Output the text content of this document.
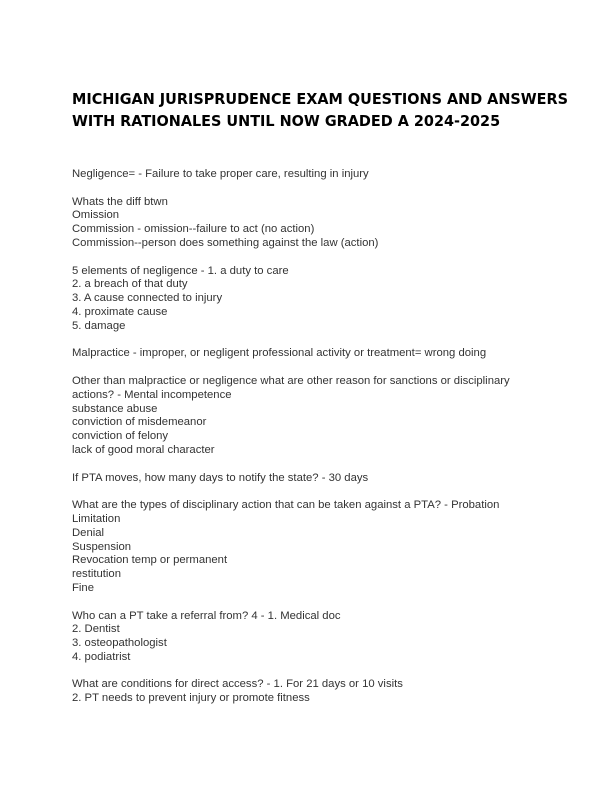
MICHIGAN JURISPRUDENCE EXAM QUESTIONS AND ANSWERS
WITH RATIONALES UNTIL NOW GRADED A 2024-2025
Negligence= - Failure to take proper care, resulting in injury
Whats the diff btwn
Omission
Commission - omission--failure to act (no action)
Commission--person does something against the law (action)
5 elements of negligence - 1. a duty to care
2. a breach of that duty
3. A cause connected to injury
4. proximate cause
5. damage
Malpractice - improper, or negligent professional activity or treatment= wrong doing
Other than malpractice or negligence what are other reason for sanctions or disciplinary
actions? - Mental incompetence
substance abuse
conviction of misdemeanor
conviction of felony
lack of good moral character
If PTA moves, how many days to notify the state? - 30 days
What are the types of disciplinary action that can be taken against a PTA? - Probation
Limitation
Denial
Suspension
Revocation temp or permanent
restitution
Fine
Who can a PT take a referral from? 4 - 1. Medical doc
2. Dentist
3. osteopathologist
4. podiatrist
What are conditions for direct access? - 1. For 21 days or 10 visits
2. PT needs to prevent injury or promote fitness
